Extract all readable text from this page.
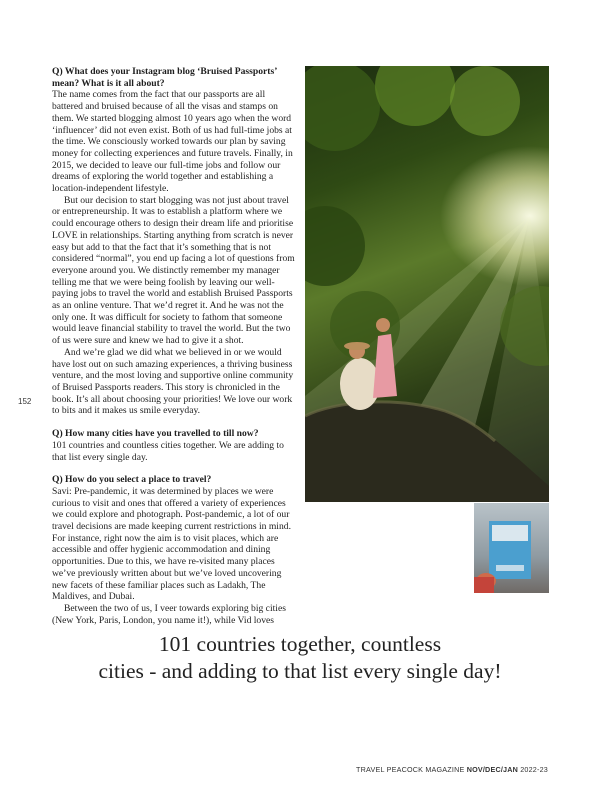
Q) What does your Instagram blog ‘Bruised Passports’ mean? What is it all about?

The name comes from the fact that our passports are all battered and bruised because of all the visas and stamps on them. We started blogging almost 10 years ago when the word ‘influencer’ did not even exist. Both of us had full-time jobs at the time. We consciously worked towards our plan by saving money for collecting experiences and future travels. Finally, in 2015, we decided to leave our full-time jobs and follow our dreams of exploring the world together and establishing a location-independent lifestyle.

But our decision to start blogging was not just about travel or entrepreneurship. It was to establish a platform where we could encourage others to design their dream life and prioritise LOVE in relationships. Starting anything from scratch is never easy but add to that the fact that it’s something that is not considered “normal”, you end up facing a lot of questions from everyone around you. We distinctly remember my manager telling me that we were being foolish by leaving our well-paying jobs to travel the world and establish Bruised Passports as an online venture. That we’d regret it. And he was not the only one. It was difficult for society to fathom that someone would leave financial stability to travel the world. But the two of us were sure and knew we had to give it a shot.

And we’re glad we did what we believed in or we would have lost out on such amazing experiences, a thriving business venture, and the most loving and supportive online community of Bruised Passports readers. This story is chronicled in the book. It’s all about choosing your priorities! We love our work to bits and it makes us smile everyday.

Q) How many cities have you travelled to till now?

101 countries and countless cities together. We are adding to that list every single day.

Q) How do you select a place to travel?

Savi: Pre-pandemic, it was determined by places we were curious to visit and ones that offered a variety of experiences we could explore and photograph. Post-pandemic, a lot of our travel decisions are made keeping current restrictions in mind. For instance, right now the aim is to visit places, which are accessible and offer hygienic accommodation and dining opportunities. Due to this, we have re-visited many places we’ve previously written about but we’ve loved uncovering new facets of these familiar places such as Ladakh, The Maldives, and Dubai.

Between the two of us, I veer towards exploring big cities (New York, Paris, London, you name it!), while Vid loves

152
101 countries together, countless
cities - and adding to that list every single day!
TRAVEL PEACOCK MAGAZINE NOV/DEC/JAN 2022-23
